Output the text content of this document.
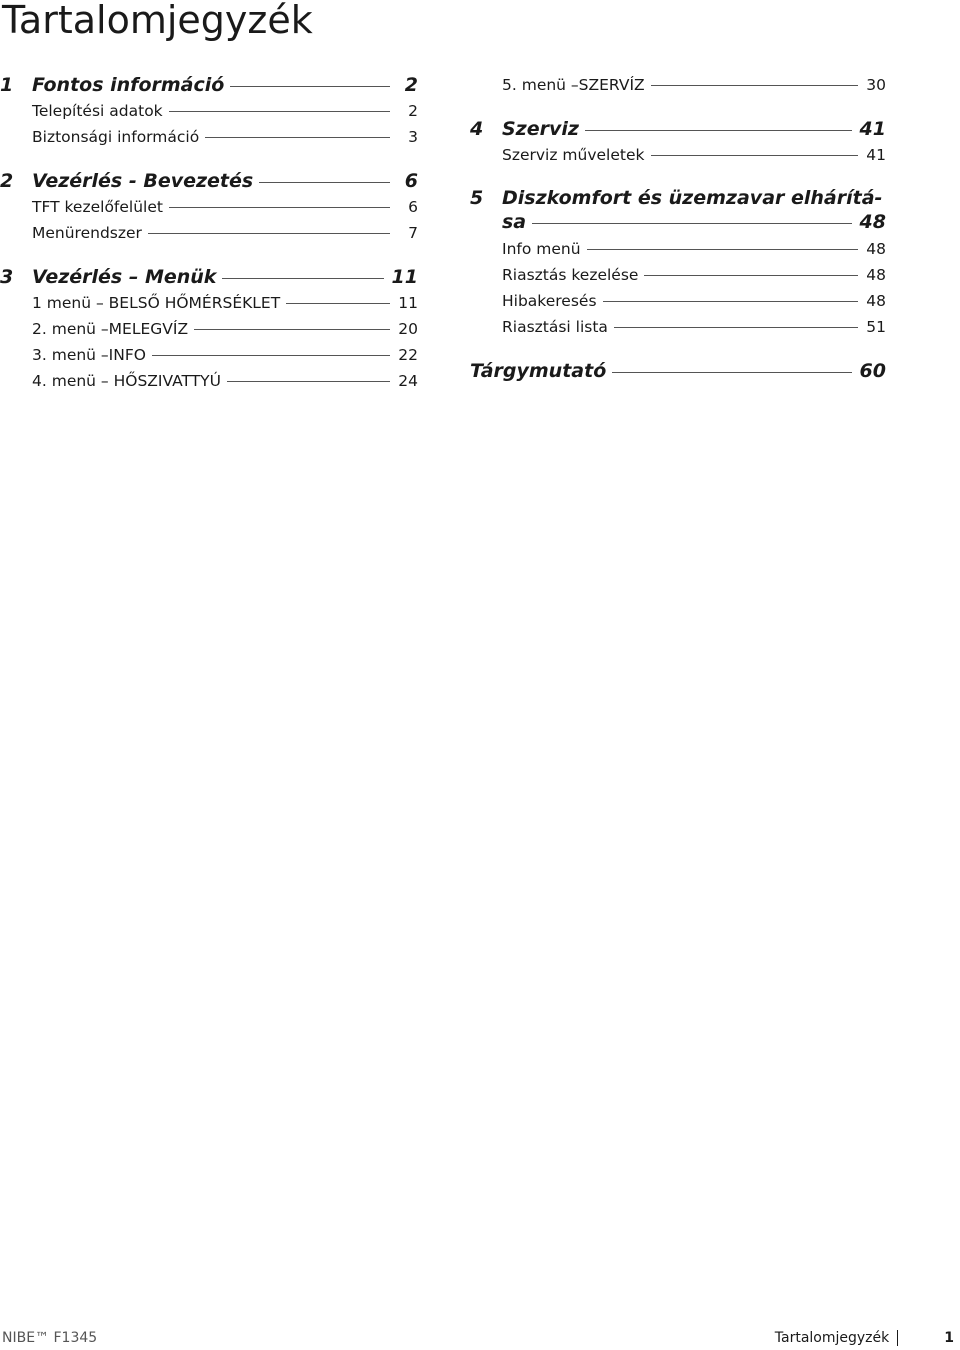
Tartalomjegyzék
1 Fontos információ	2
Telepítési adatok	2
Biztonsági információ	3
2 Vezérlés - Bevezetés	6
TFT kezelőfelület	6
Menürendszer	7
3 Vezérlés – Menük	11
1 menü – BELSŐ HŐMÉRSÉKLET	11
2. menü –MELEGVÍZ	20
3. menü –INFO	22
4. menü – HŐSZIVATTYÚ	24
5. menü –SZERVÍZ	30
4 Szerviz	41
Szerviz műveletek	41
5 Diszkomfort és üzemzavar elhárítá-
sa	48
Info menü	48
Riasztás kezelése	48
Hibakeresés	48
Riasztási lista	51
Tárgymutató	60
NIBE™ F1345	Tartalomjegyzék	1
